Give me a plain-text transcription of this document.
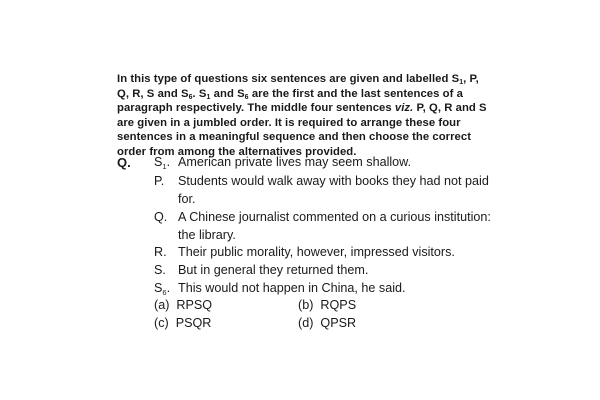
In this type of questions six sentences are given and labelled $S_1$, P, Q, R, S and $S_6$. $S_1$ and $S_6$ are the first and the last sentences of a paragraph respectively. The middle four sentences viz. P, Q, R and S are given in a jumbled order. It is required to arrange these four sentences in a meaningful sequence and then choose the correct order from among the alternatives provided.
Q. $S_1$. American private lives may seem shallow.
P.	Students would walk away with books they had not paid for.
Q. A Chinese journalist commented on a curious institution: the library.
R. Their public morality, however, impressed visitors.
S. But in general they returned them.
$S_6$. This would not happen in China, he said.
(a) RPSQ	(b) RQPS
(c) PSQR	(d) QPSR
